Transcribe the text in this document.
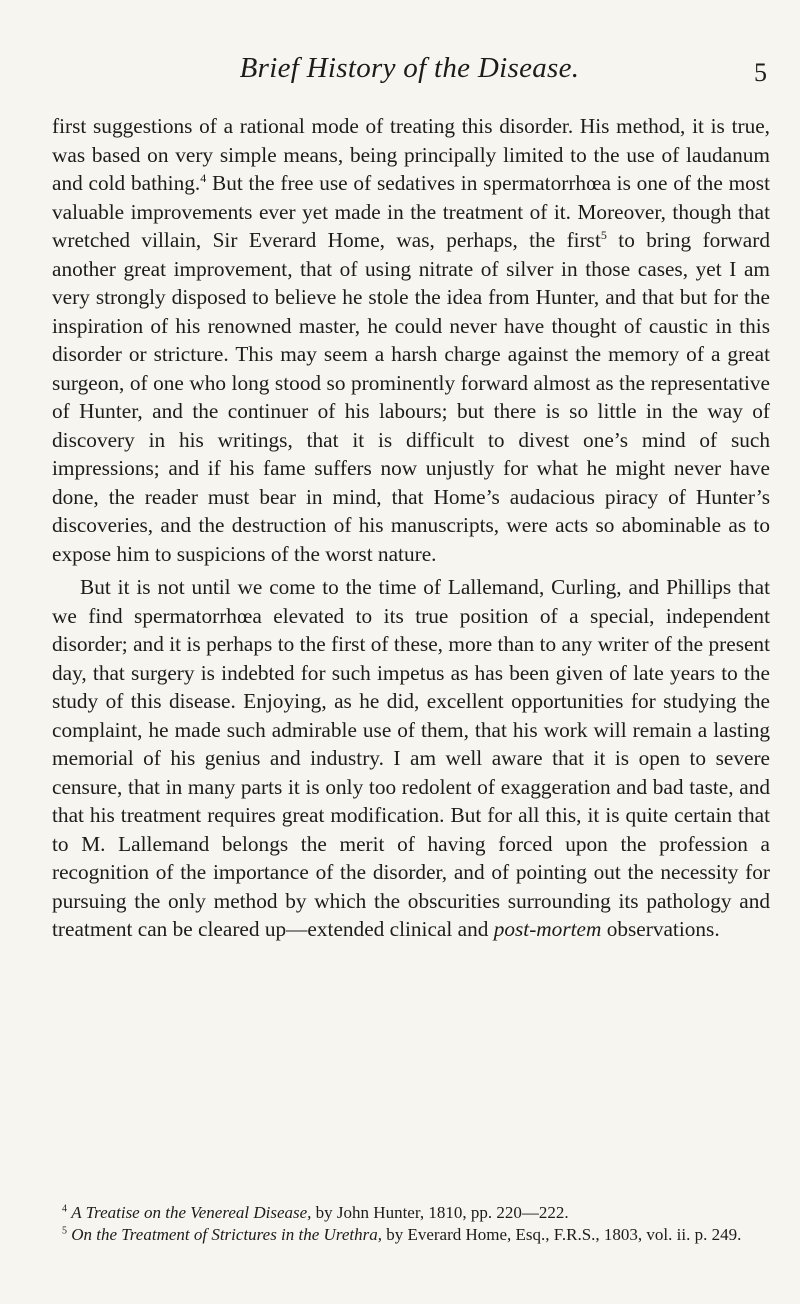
Brief History of the Disease.	5

first suggestions of a rational mode of treating this disorder. His method, it is true, was based on very simple means, being principally limited to the use of laudanum and cold bathing.$^4$ But the free use of sedatives in spermatorrhœa is one of the most valuable improvements ever yet made in the treatment of it. Moreover, though that wretched villain, Sir Everard Home, was, perhaps, the first$^5$ to bring forward another great improvement, that of using nitrate of silver in those cases, yet I am very strongly disposed to believe he stole the idea from Hunter, and that but for the inspiration of his renowned master, he could never have thought of caustic in this disorder or stricture. This may seem a harsh charge against the memory of a great surgeon, of one who long stood so prominently forward almost as the representative of Hunter, and the continuer of his labours; but there is so little in the way of discovery in his writings, that it is difficult to divest one’s mind of such impressions; and if his fame suffers now unjustly for what he might never have done, the reader must bear in mind, that Home’s audacious piracy of Hunter’s discoveries, and the destruction of his manuscripts, were acts so abominable as to expose him to suspicions of the worst nature.

But it is not until we come to the time of Lallemand, Curling, and Phillips that we find spermatorrhœa elevated to its true position of a special, independent disorder; and it is perhaps to the first of these, more than to any writer of the present day, that surgery is indebted for such impetus as has been given of late years to the study of this disease. Enjoying, as he did, excellent opportunities for studying the complaint, he made such admirable use of them, that his work will remain a lasting memorial of his genius and industry. I am well aware that it is open to severe censure, that in many parts it is only too redolent of exaggeration and bad taste, and that his treatment requires great modification. But for all this, it is quite certain that to M. Lallemand belongs the merit of having forced upon the profession a recognition of the importance of the disorder, and of pointing out the necessity for pursuing the only method by which the obscurities surrounding its pathology and treatment can be cleared up—extended clinical and post-mortem observations.

$^4$ A Treatise on the Venereal Disease, by John Hunter, 1810, pp. 220—222.

$^5$ On the Treatment of Strictures in the Urethra, by Everard Home, Esq., F.R.S., 1803, vol. ii. p. 249.
